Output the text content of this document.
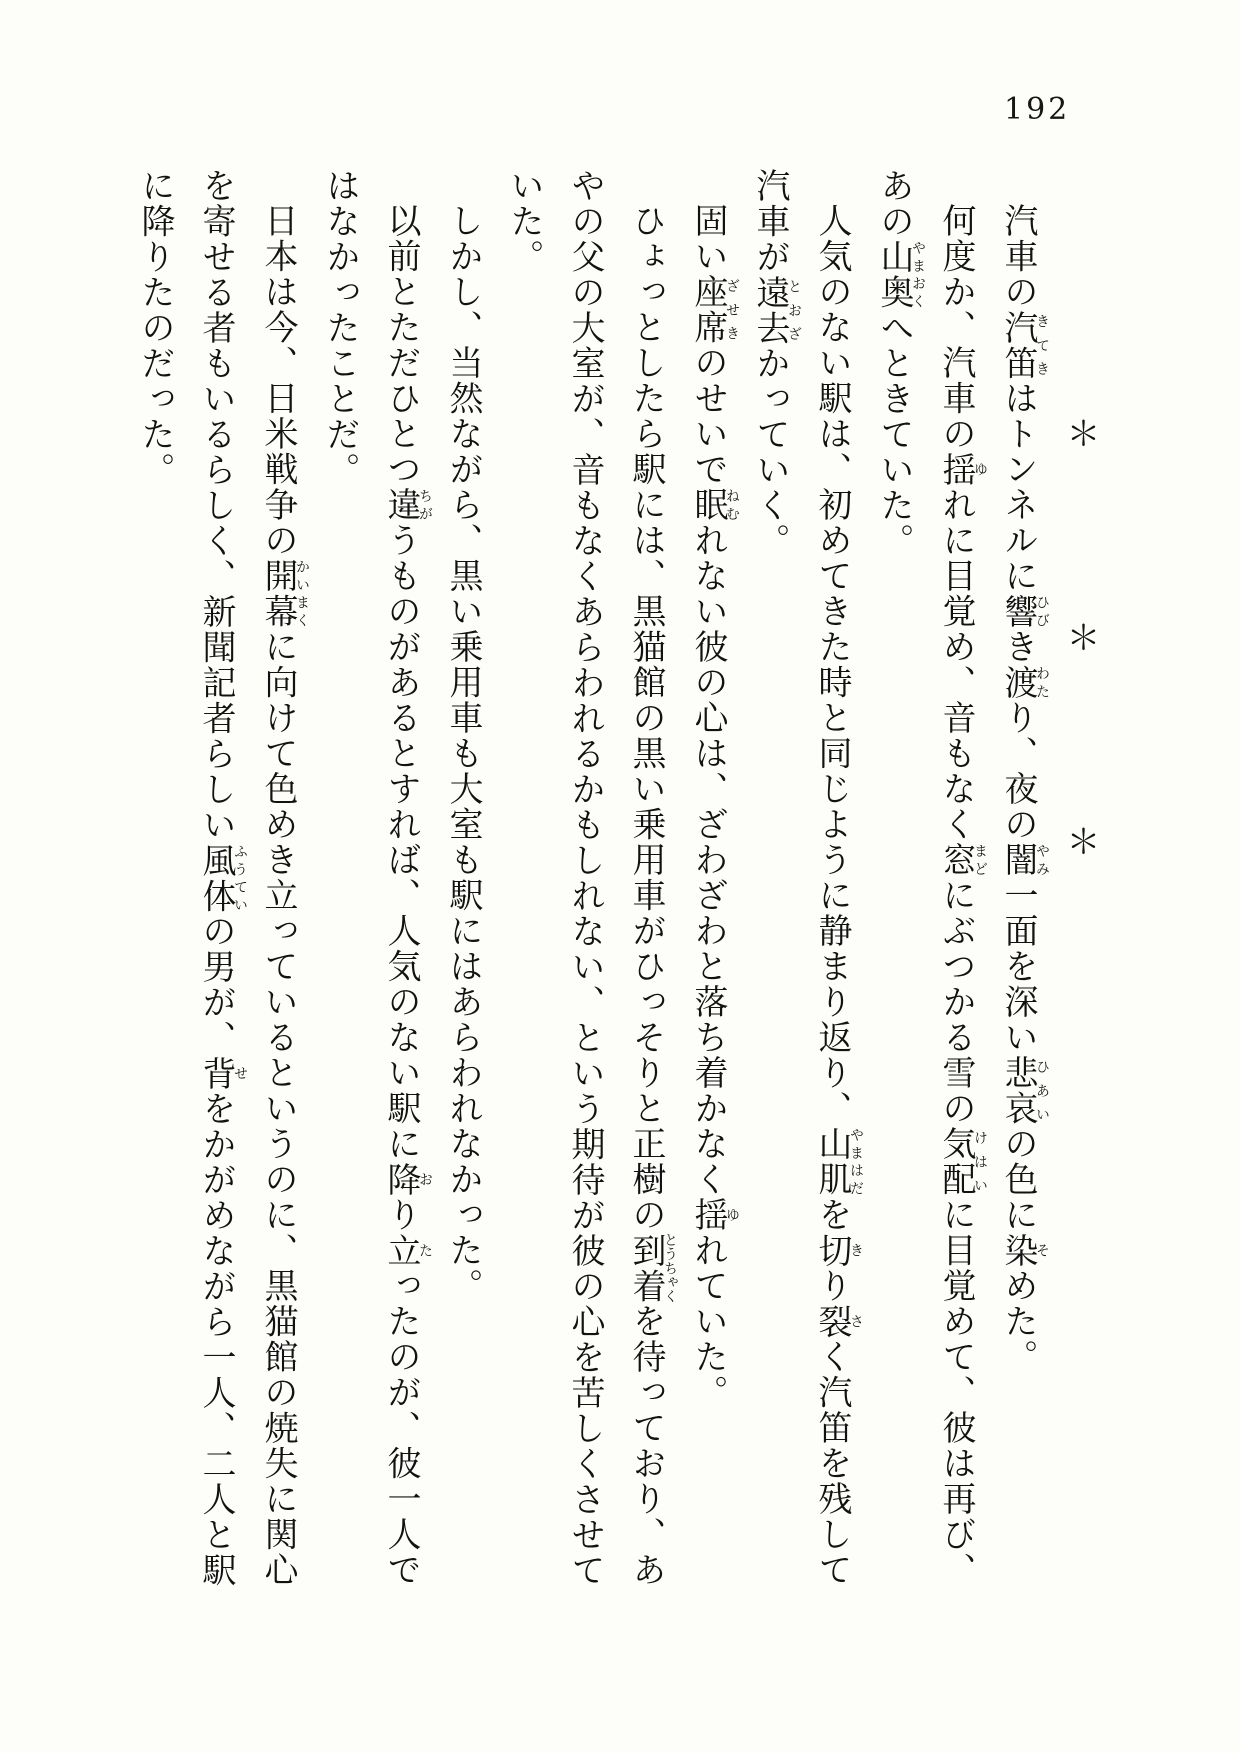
192
＊　　　　　＊　　　　　＊
汽車の汽笛きてきはトンネルに響ひびき渡わたり、夜の闇やみ一面を深い悲哀ひあいの色に染そめた。
何度か、汽車の揺ゆれに目覚め、音もなく窓まどにぶつかる雪の気配けはいに目覚めて、彼は再び、
あの山奥やまおくへときていた。
人気のない駅は、初めてきた時と同じように静まり返り、山肌やまはだを切きり裂さく汽笛を残して
汽車が遠去とおざかっていく。
固い座席ざせきのせいで眠ねむれない彼の心は、ざわざわと落ち着かなく揺ゆれていた。
ひょっとしたら駅には、黒猫館の黒い乗用車がひっそりと正樹の到着とうちゃくを待っており、あ
やの父の大室が、音もなくあらわれるかもしれない、という期待が彼の心を苦しくさせて
いた。
しかし、当然ながら、黒い乗用車も大室も駅にはあらわれなかった。
以前とただひとつ違ちがうものがあるとすれば、人気のない駅に降おり立たったのが、彼一人で
はなかったことだ。
日本は今、日米戦争の開幕かいまくに向けて色めき立っているというのに、黒猫館の焼失に関心
を寄せる者もいるらしく、新聞記者らしい風体ふうていの男が、背せをかがめながら一人、二人と駅
に降りたのだった。
